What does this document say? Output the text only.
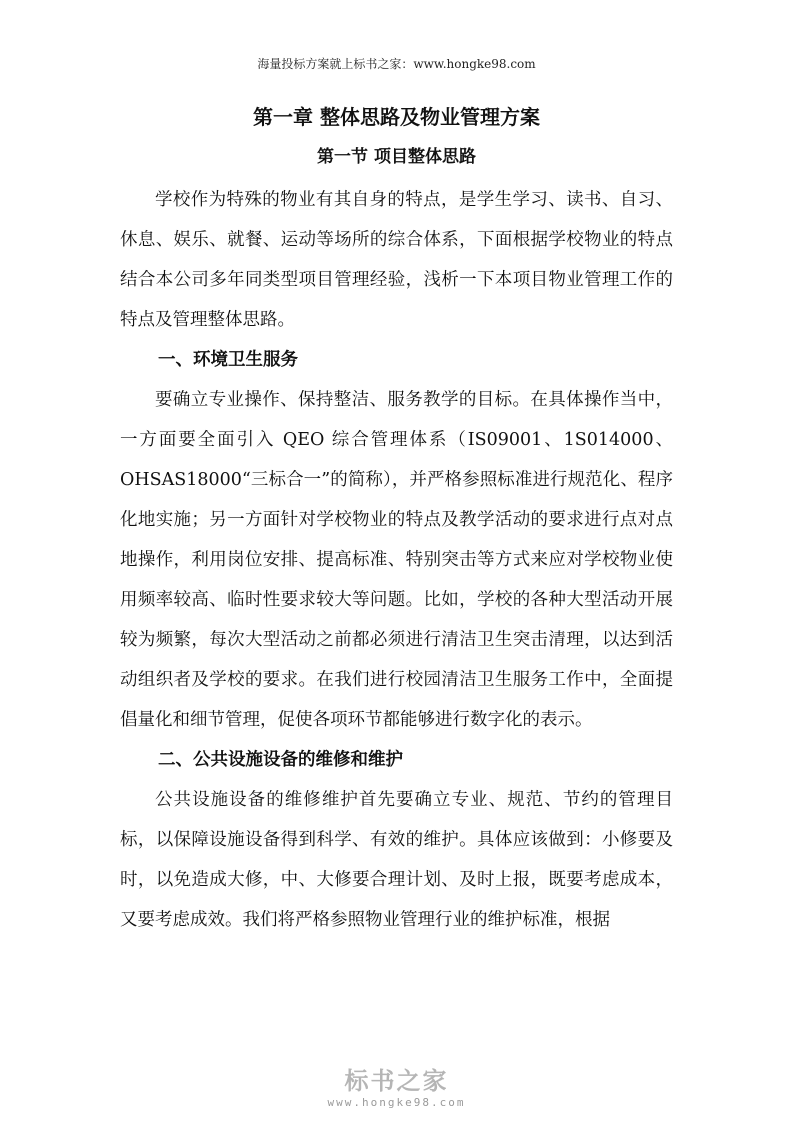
海量投标方案就上标书之家：www.hongke98.com
第一章 整体思路及物业管理方案
第一节 项目整体思路

学校作为特殊的物业有其自身的特点，是学生学习、读书、自习、休息、娱乐、就餐、运动等场所的综合体系，下面根据学校物业的特点结合本公司多年同类型项目管理经验，浅析一下本项目物业管理工作的特点及管理整体思路。

一、环境卫生服务

要确立专业操作、保持整洁、服务教学的目标。在具体操作当中，一方面要全面引入 QEO 综合管理体系（IS09001、1S014000、OHSAS18000“三标合一”的简称），并严格参照标准进行规范化、程序化地实施；另一方面针对学校物业的特点及教学活动的要求进行点对点地操作，利用岗位安排、提高标准、特别突击等方式来应对学校物业使用频率较高、临时性要求较大等问题。比如，学校的各种大型活动开展较为频繁，每次大型活动之前都必须进行清洁卫生突击清理，以达到活动组织者及学校的要求。在我们进行校园清洁卫生服务工作中，全面提倡量化和细节管理，促使各项环节都能够进行数字化的表示。

二、公共设施设备的维修和维护

公共设施设备的维修维护首先要确立专业、规范、节约的管理目标，以保障设施设备得到科学、有效的维护。具体应该做到：小修要及时，以免造成大修，中、大修要合理计划、及时上报，既要考虑成本，又要考虑成效。我们将严格参照物业管理行业的维护标准，根据

标书之家
www.hongke98.com
